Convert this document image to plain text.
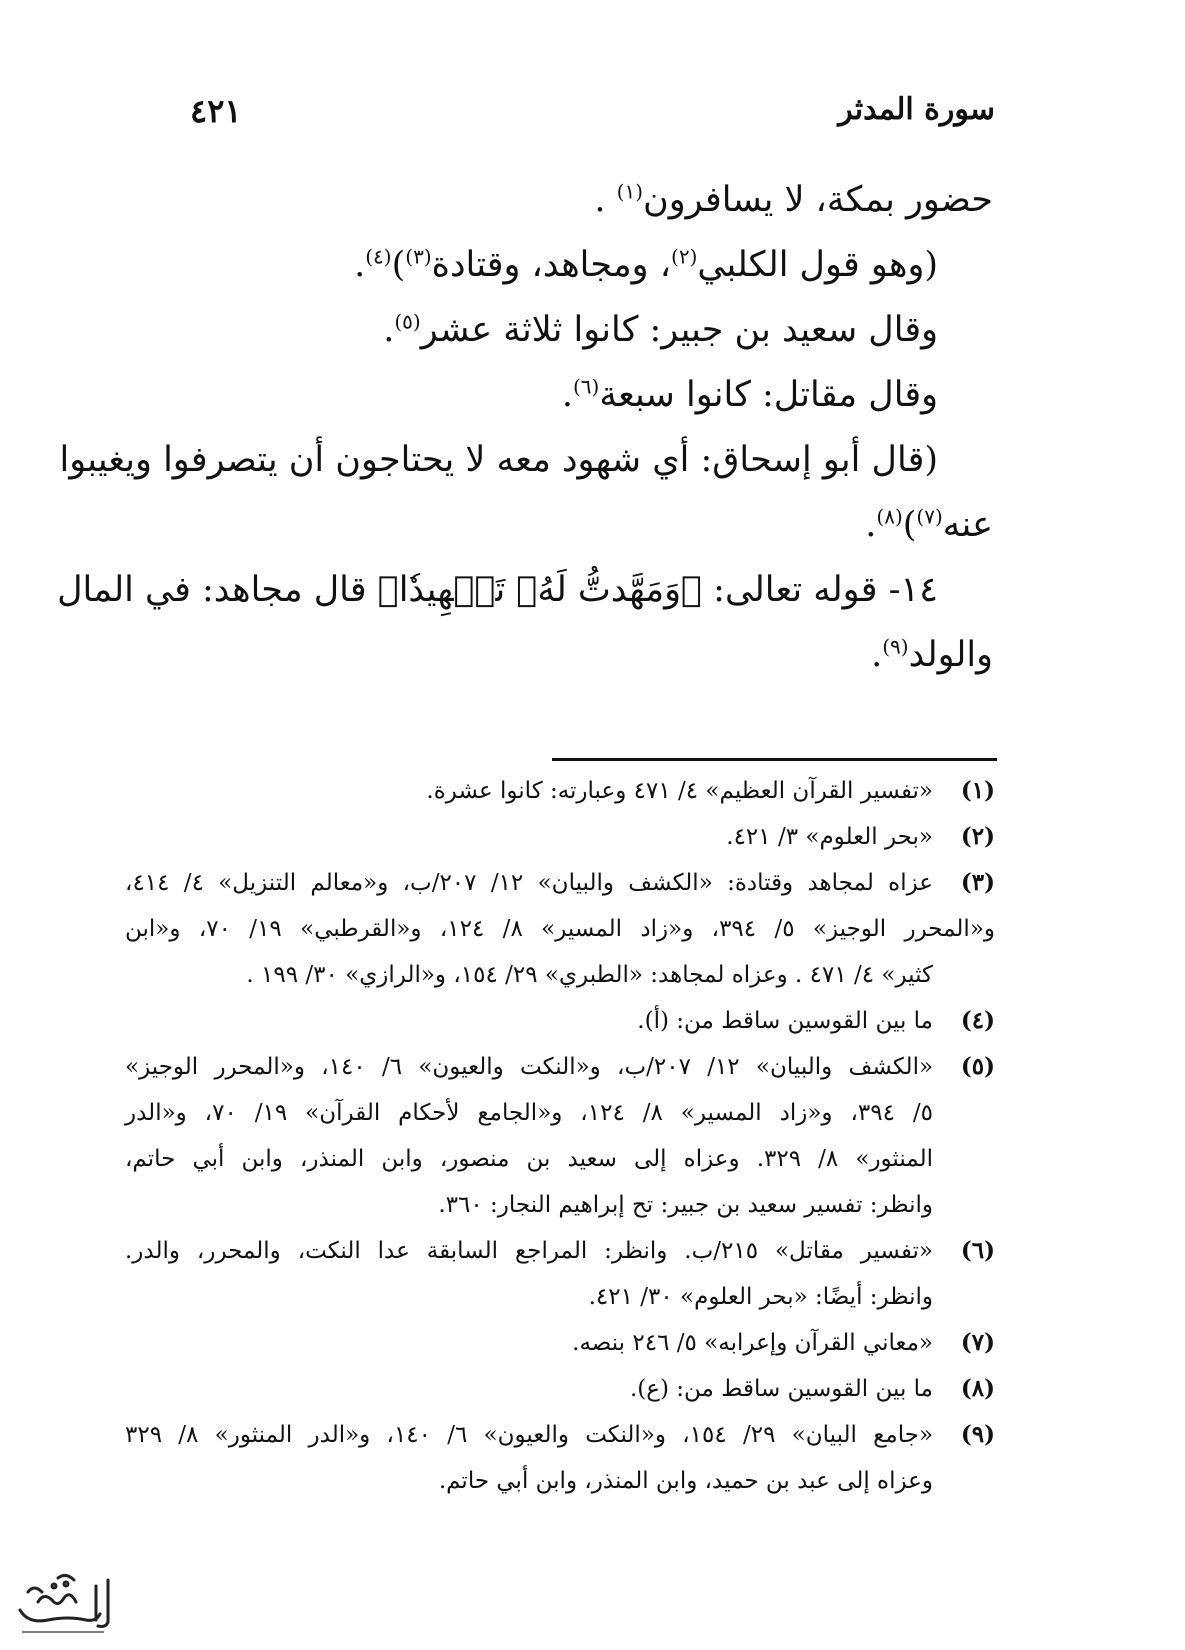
سورة المدثر
٤٢١
حضور بمكة، لا يسافرون$^{(١)}$ .
(وهو قول الكلبي$^{(٢)}$، ومجاهد، وقتادة$^{(٣)}$)$^{(٤)}$.
وقال سعيد بن جبير: كانوا ثلاثة عشر$^{(٥)}$.
وقال مقاتل: كانوا سبعة$^{(٦)}$.
(قال أبو إسحاق: أي شهود معه لا يحتاجون أن يتصرفوا ويغيبوا
عنه$^{(٧)}$)$^{(٨)}$.
١٤- قوله تعالى: ﴿وَمَهَّدتُّ لَهُۥ تَمۡهِيدٗا﴾ قال مجاهد: في المال
والولد$^{(٩)}$.
(١)
«تفسير القرآن العظيم» ٤/ ٤٧١ وعبارته: كانوا عشرة.
(٢)
«بحر العلوم» ٣/ ٤٢١.
(٣)
عزاه لمجاهد وقتادة: «الكشف والبيان» ١٢/ ٢٠٧/ب، و«معالم التنزيل» ٤/ ٤١٤،
و«المحرر الوجيز» ٥/ ٣٩٤، و«زاد المسير» ٨/ ١٢٤، و«القرطبي» ١٩/ ٧٠، و«ابن
كثير» ٤/ ٤٧١ . وعزاه لمجاهد: «الطبري» ٢٩/ ١٥٤، و«الرازي» ٣٠/ ١٩٩ .
(٤)
ما بين القوسين ساقط من: (أ).
(٥)
«الكشف والبيان» ١٢/ ٢٠٧/ب، و«النكت والعيون» ٦/ ١٤٠، و«المحرر الوجيز»
٥/ ٣٩٤، و«زاد المسير» ٨/ ١٢٤، و«الجامع لأحكام القرآن» ١٩/ ٧٠، و«الدر
المنثور» ٨/ ٣٢٩. وعزاه إلى سعيد بن منصور، وابن المنذر، وابن أبي حاتم،
وانظر: تفسير سعيد بن جبير: تح إبراهيم النجار: ٣٦٠.
(٦)
«تفسير مقاتل» ٢١٥/ب. وانظر: المراجع السابقة عدا النكت، والمحرر، والدر.
وانظر: أيضًا: «بحر العلوم» ٣٠/ ٤٢١.
(٧)
«معاني القرآن وإعرابه» ٥/ ٢٤٦ بنصه.
(٨)
ما بين القوسين ساقط من: (ع).
(٩)
«جامع البيان» ٢٩/ ١٥٤، و«النكت والعيون» ٦/ ١٤٠، و«الدر المنثور» ٨/ ٣٢٩
وعزاه إلى عبد بن حميد، وابن المنذر، وابن أبي حاتم.
